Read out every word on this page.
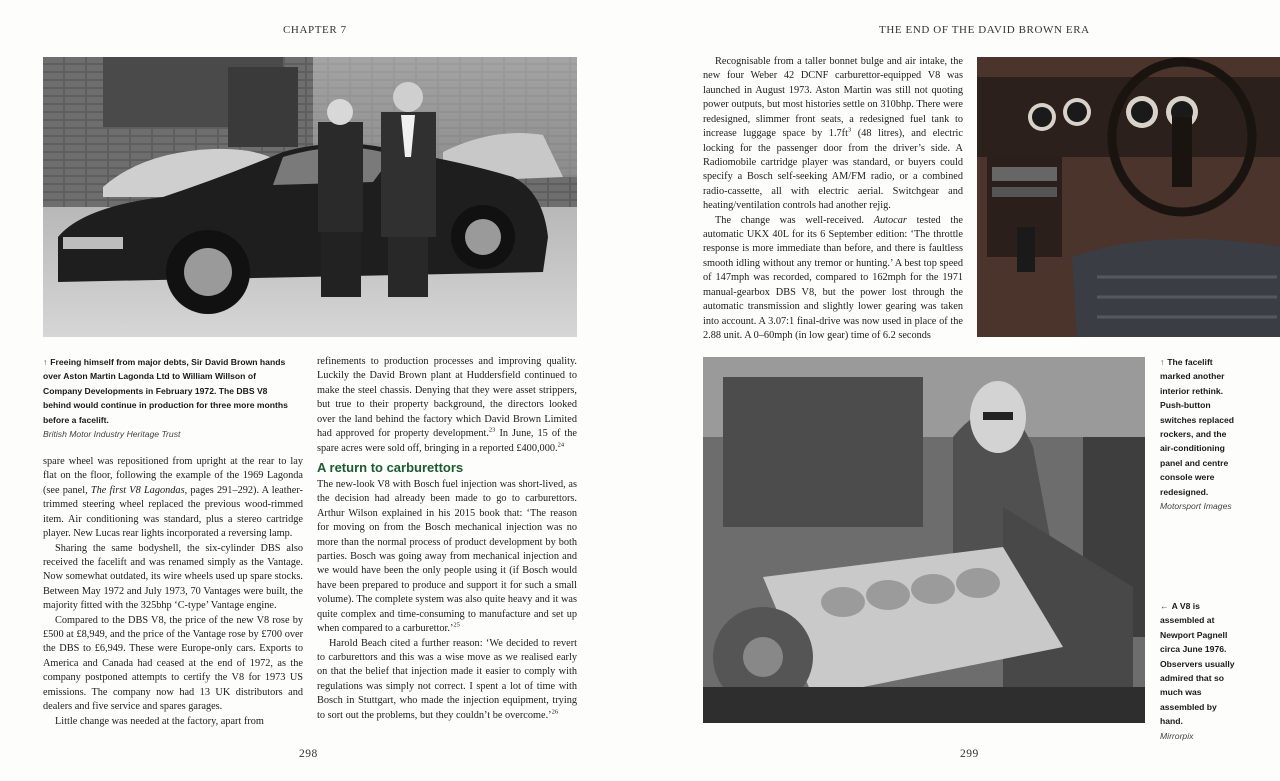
CHAPTER 7
↑ Freeing himself from major debts, Sir David Brown hands over Aston Martin Lagonda Ltd to William Willson of Company Developments in February 1972. The DBS V8 behind would continue in production for three more months before a facelift.
British Motor Industry Heritage Trust

spare wheel was repositioned from upright at the rear to lay flat on the floor, following the example of the 1969 Lagonda (see panel, The first V8 Lagondas, pages 291–292). A leather-trimmed steering wheel replaced the previous wood-rimmed item. Air conditioning was standard, plus a stereo cartridge player. New Lucas rear lights incorporated a reversing lamp.

Sharing the same bodyshell, the six-cylinder DBS also received the facelift and was renamed simply as the Vantage. Now somewhat outdated, its wire wheels used up spare stocks. Between May 1972 and July 1973, 70 Vantages were built, the majority fitted with the 325bhp ‘C-type’ Vantage engine.

Compared to the DBS V8, the price of the new V8 rose by £500 at £8,949, and the price of the Vantage rose by £700 over the DBS to £6,949. These were Europe-only cars. Exports to America and Canada had ceased at the end of 1972, as the company postponed attempts to certify the V8 for 1973 US emissions. The company now had 13 UK distributors and dealers and five service and spares garages.

Little change was needed at the factory, apart from

refinements to production processes and improving quality. Luckily the David Brown plant at Huddersfield continued to make the steel chassis. Denying that they were asset strippers, but true to their property background, the directors looked over the land behind the factory which David Brown Limited had approved for property development.$^{23}$ In June, 15 of the spare acres were sold off, bringing in a reported £400,000.24

A return to carburettors

The new-look V8 with Bosch fuel injection was short-lived, as the decision had already been made to go to carburettors. Arthur Wilson explained in his 2015 book that: ‘The reason for moving on from the Bosch mechanical injection was no more than the normal process of product development by both parties. Bosch was going away from mechanical injection and we would have been the only people using it (if Bosch would have been prepared to produce and support it for such a small volume). The complete system was also quite heavy and it was quite complex and time-consuming to manufacture and set up when compared to a carburettor.’$^{25}$

Harold Beach cited a further reason: ‘We decided to revert to carburettors and this was a wise move as we realised early on that the belief that injection made it easier to comply with regulations was simply not correct. I spent a lot of time with Bosch in Stuttgart, who made the injection equipment, trying to sort out the problems, but they couldn’t be overcome.’$^{26}$

298
THE END OF THE DAVID BROWN ERA

Recognisable from a taller bonnet bulge and air intake, the new four Weber 42 DCNF carburettor-equipped V8 was launched in August 1973. Aston Martin was still not quoting power outputs, but most histories settle on 310bhp. There were redesigned, slimmer front seats, a redesigned fuel tank to increase luggage space by $1.7ft^3$ (48 litres), and electric locking for the passenger door from the driver’s side. A Radiomobile cartridge player was standard, or buyers could specify a Bosch self-seeking AM/FM radio, or a combined radio-cassette, all with electric aerial. Switchgear and heating/ventilation controls had another rejig.

The change was well-received. Autocar tested the automatic UKX 40L for its 6 September edition: ‘The throttle response is more immediate than before, and there is faultless smooth idling without any tremor or hunting.’ A best top speed of 147mph was recorded, compared to 162mph for the 1971 manual-gearbox DBS V8, but the power lost through the automatic transmission and slightly lower gearing was taken into account. A 3.07:1 final-drive was now used in place of the 2.88 unit. A 0–60mph (in low gear) time of 6.2 seconds

↑ The facelift marked another interior rethink. Push-button switches replaced rockers, and the air-conditioning panel and centre console were redesigned.
Motorsport Images
← A V8 is assembled at Newport Pagnell circa June 1976. Observers usually admired that so much was assembled by hand.
Mirrorpix
299
